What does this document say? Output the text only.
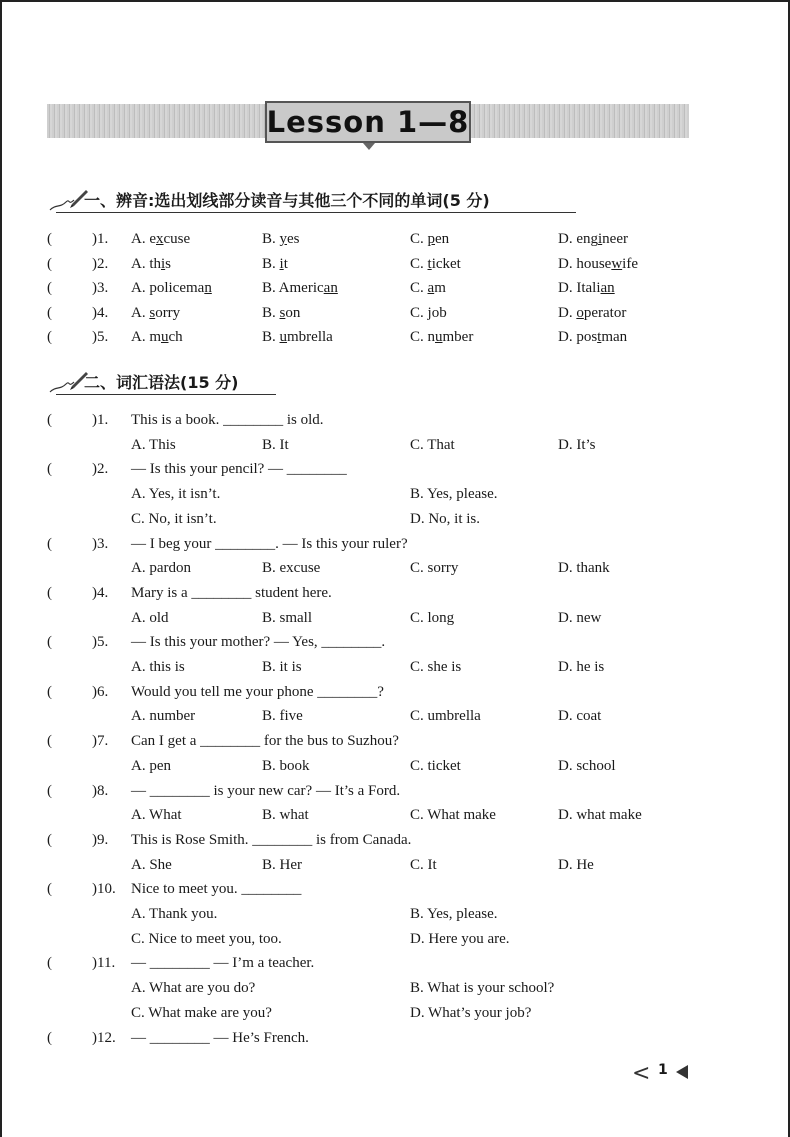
Lesson 1—8
一、辨音:选出划线部分读音与其他三个不同的单词(5 分)
(	)1. A. excuse	B. yes	C. pen	D. engineer
(	)2. A. this	B. it	C. ticket	D. housewife
(	)3. A. policeman	B. American	C. am	D. Italian
(	)4. A. sorry	B. son	C. job	D. operator
(	)5. A. much	B. umbrella	C. number	D. postman
二、词汇语法(15 分)
(	)1. This is a book. ________ is old.
A. This	B. It	C. That	D. It’s
(	)2. — Is this your pencil? — ________
A. Yes, it isn’t.	B. Yes, please.
C. No, it isn’t.	D. No, it is.
(	)3. — I beg your ________. — Is this your ruler?
A. pardon	B. excuse	C. sorry	D. thank
(	)4. Mary is a ________ student here.
A. old	B. small	C. long	D. new
(	)5. — Is this your mother? — Yes, ________.
A. this is	B. it is	C. she is	D. he is
(	)6. Would you tell me your phone ________?
A. number	B. five	C. umbrella	D. coat
(	)7. Can I get a ________ for the bus to Suzhou?
A. pen	B. book	C. ticket	D. school
(	)8. — ________ is your new car? — It’s a Ford.
A. What	B. what	C. What make	D. what make
(	)9. This is Rose Smith. ________ is from Canada.
A. She	B. Her	C. It	D. He
(	)10. Nice to meet you. ________
A. Thank you.	B. Yes, please.
C. Nice to meet you, too.	D. Here you are.
(	)11. — ________ — I’m a teacher.
A. What are you do?	B. What is your school?
C. What make are you?	D. What’s your job?
(	)12. — ________ — He’s French.
< 1
